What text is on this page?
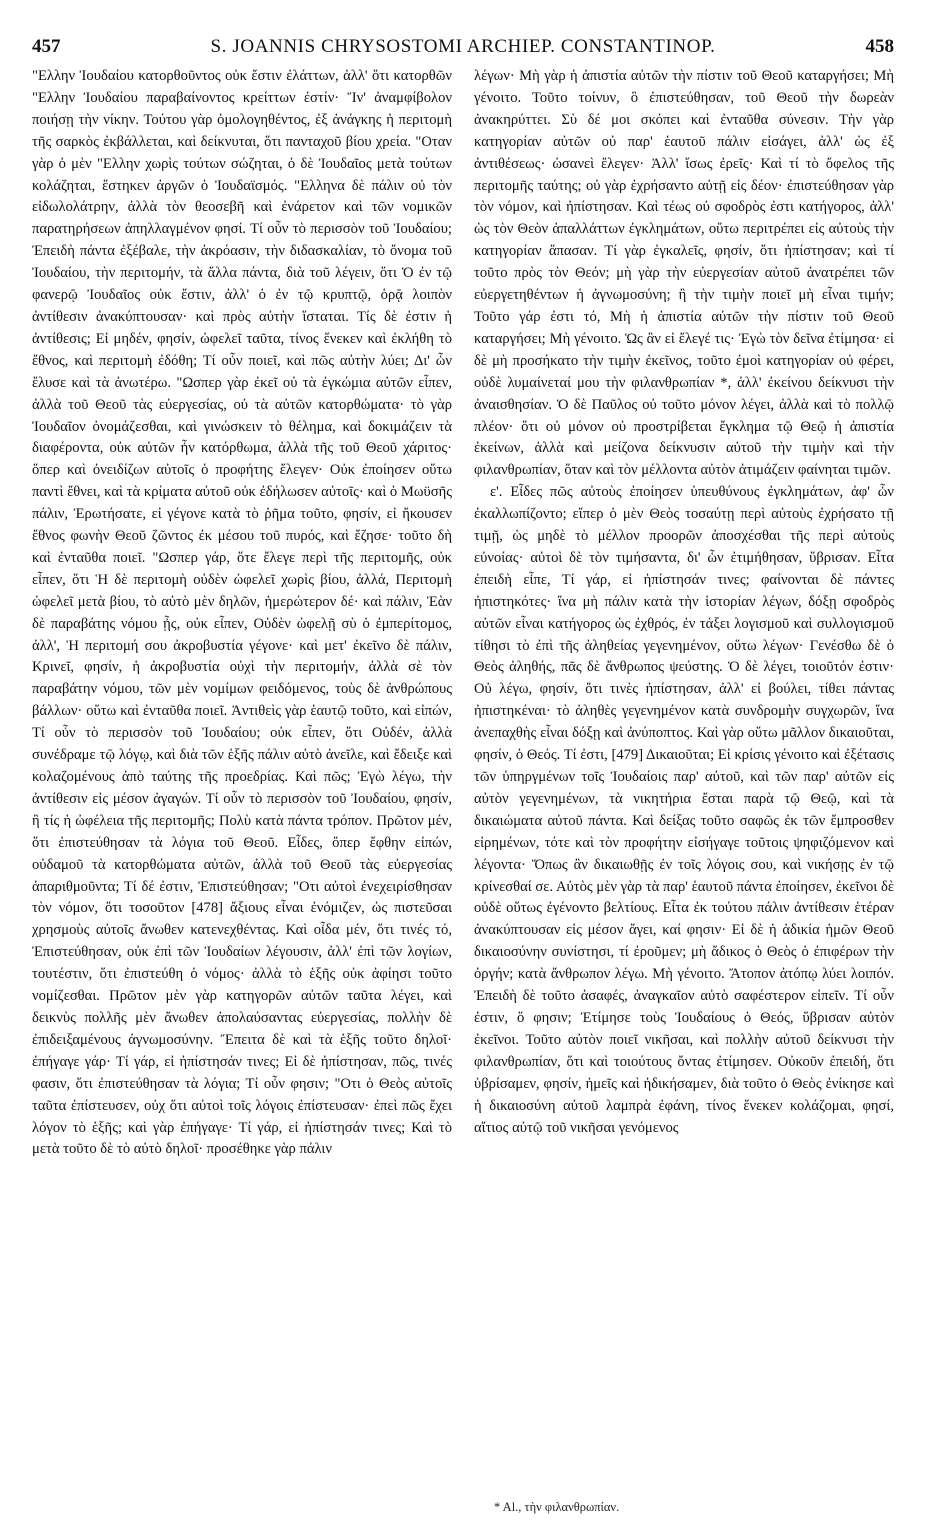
457	S. JOANNIS CHRYSOSTOMI ARCHIEP. CONSTANTINOP.	458

"Ελλην Ἰουδαίου κατορθοῦντος οὐκ ἔστιν ἐλάττων, ἀλλ' ὅτι κατορθῶν "Ελλην Ἰουδαίου παραβαίνοντος κρείττων ἐστίν· Ἵν' ἀναμφίβολον ποιήσῃ τὴν νίκην. Τούτου γὰρ ὁμολογηθέντος, ἐξ ἀνάγκης ἡ περιτομὴ τῆς σαρκὸς ἐκβάλλεται, καὶ δείκνυται, ὅτι πανταχοῦ βίου χρεία. "Οταν γὰρ ὁ μὲν "Ελλην χωρὶς τούτων σώζηται, ὁ δὲ Ἰουδαῖος μετὰ τούτων κολάζηται, ἕστηκεν ἀργῶν ὁ Ἰουδαϊσμός. "Ελληνα δὲ πάλιν οὐ τὸν εἰδωλολάτρην, ἀλλὰ τὸν θεοσεβῆ καὶ ἐνάρετον καὶ τῶν νομικῶν παρατηρήσεων ἀπηλλαγμένον φησί. Τί οὖν τὸ περισσὸν τοῦ Ἰουδαίου; Ἐπειδὴ πάντα ἐξέβαλε, τὴν ἀκρόασιν, τὴν διδασκαλίαν, τὸ ὄνομα τοῦ Ἰουδαίου, τὴν περιτομήν, τὰ ἄλλα πάντα, διὰ τοῦ λέγειν, ὅτι Ὁ ἐν τῷ φανερῷ Ἰουδαῖος οὐκ ἔστιν, ἀλλ' ὁ ἐν τῷ κρυπτῷ, ὁρᾷ λοιπὸν ἀντίθεσιν ἀνακύπτουσαν· καὶ πρὸς αὐτὴν ἵσταται. Τίς δὲ ἐστιν ἡ ἀντίθεσις; Εἰ μηδέν, φησίν, ὠφελεῖ ταῦτα, τίνος ἕνεκεν καὶ ἐκλήθη τὸ ἔθνος, καὶ περιτομὴ ἐδόθη; Τί οὖν ποιεῖ, καὶ πῶς αὐτὴν λύει; Δι' ὧν ἔλυσε καὶ τὰ ἀνωτέρω. "Ωσπερ γὰρ ἐκεῖ οὐ τὰ ἐγκώμια αὐτῶν εἶπεν, ἀλλὰ τοῦ Θεοῦ τὰς εὐεργεσίας, οὐ τὰ αὐτῶν κατορθώματα· τὸ γὰρ Ἰουδαῖον ὀνομάζεσθαι, καὶ γινώσκειν τὸ θέλημα, καὶ δοκιμάζειν τὰ διαφέροντα, οὐκ αὐτῶν ἦν κατόρθωμα, ἀλλὰ τῆς τοῦ Θεοῦ χάριτος· ὅπερ καὶ ὀνειδίζων αὐτοῖς ὁ προφήτης ἔλεγεν· Οὐκ ἐποίησεν οὕτω παντὶ ἔθνει, καὶ τὰ κρίματα αὐτοῦ οὐκ ἐδήλωσεν αὐτοῖς· καὶ ὁ Μωϋσῆς πάλιν, Ἐρωτήσατε, εἰ γέγονε κατὰ τὸ ῥῆμα τοῦτο, φησίν, εἰ ἤκουσεν ἔθνος φωνὴν Θεοῦ ζῶντος ἐκ μέσου τοῦ πυρός, καὶ ἔζησε· τοῦτο δὴ καὶ ἐνταῦθα ποιεῖ. "Ωσπερ γάρ, ὅτε ἔλεγε περὶ τῆς περιτομῆς, οὐκ εἶπεν, ὅτι Ἡ δὲ περιτομὴ οὐδὲν ὠφελεῖ χωρὶς βίου, ἀλλά, Περιτομὴ ὠφελεῖ μετὰ βίου, τὸ αὐτὸ μὲν δηλῶν, ἡμερώτερον δέ· καὶ πάλιν, Ἐὰν δὲ παραβάτης νόμου ᾖς, οὐκ εἶπεν, Οὐδὲν ὠφελῇ σὺ ὁ ἐμπερίτομος, ἀλλ', Ἡ περιτομή σου ἀκροβυστία γέγονε· καὶ μετ' ἐκεῖνο δὲ πάλιν, Κρινεῖ, φησίν, ἡ ἀκροβυστία οὐχὶ τὴν περιτομήν, ἀλλὰ σὲ τὸν παραβάτην νόμου, τῶν μὲν νομίμων φειδόμενος, τοὺς δὲ ἀνθρώπους βάλλων· οὕτω καὶ ἐνταῦθα ποιεῖ. Ἀντιθεὶς γὰρ ἑαυτῷ τοῦτο, καὶ εἰπών, Τί οὖν τὸ περισσὸν τοῦ Ἰουδαίου; οὐκ εἶπεν, ὅτι Οὐδέν, ἀλλὰ συνέδραμε τῷ λόγῳ, καὶ διὰ τῶν ἑξῆς πάλιν αὐτὸ ἀνεῖλε, καὶ ἔδειξε καὶ κολαζομένους ἀπὸ ταύτης τῆς προεδρίας. Καὶ πῶς; Ἐγὼ λέγω, τὴν ἀντίθεσιν εἰς μέσον ἀγαγών. Τί οὖν τὸ περισσὸν τοῦ Ἰουδαίου, φησίν, ἢ τίς ἡ ὠφέλεια τῆς περιτομῆς; Πολὺ κατὰ πάντα τρόπον. Πρῶτον μέν, ὅτι ἐπιστεύθησαν τὰ λόγια τοῦ Θεοῦ. Εἶδες, ὅπερ ἔφθην εἰπών, οὐδαμοῦ τὰ κατορθώματα αὐτῶν, ἀλλὰ τοῦ Θεοῦ τὰς εὐεργεσίας ἀπαριθμοῦντα; Τί δέ ἐστιν, Ἐπιστεύθησαν; "Οτι αὐτοὶ ἐνεχειρίσθησαν τὸν νόμον, ὅτι τοσοῦτον [478] ἄξιους εἶναι ἐνόμιζεν, ὡς πιστεῦσαι χρησμοὺς αὐτοῖς ἄνωθεν κατενεχθέντας. Καὶ οἶδα μέν, ὅτι τινές τό, Ἐπιστεύθησαν, οὐκ ἐπὶ τῶν Ἰουδαίων λέγουσιν, ἀλλ' ἐπὶ τῶν λογίων, τουτέστιν, ὅτι ἐπιστεύθη ὁ νόμος· ἀλλὰ τὸ ἑξῆς οὐκ ἀφίησι τοῦτο νομίζεσθαι. Πρῶτον μὲν γὰρ κατηγορῶν αὐτῶν ταῦτα λέγει, καὶ δεικνὺς πολλῆς μὲν ἄνωθεν ἀπολαύσαντας εὐεργεσίας, πολλὴν δὲ ἐπιδειξαμένους ἀγνωμοσύνην. Ἔπειτα δὲ καὶ τὰ ἑξῆς τοῦτο δηλοῖ· ἐπήγαγε γάρ· Τί γάρ, εἰ ἠπίστησάν τινες; Εἰ δὲ ἠπίστησαν, πῶς, τινές φασιν, ὅτι ἐπιστεύθησαν τὰ λόγια; Τί οὖν φησιν; "Οτι ὁ Θεὸς αὐτοῖς ταῦτα ἐπίστευσεν, οὐχ ὅτι αὐτοὶ τοῖς λόγοις ἐπίστευσαν· ἐπεὶ πῶς ἔχει λόγον τὸ ἑξῆς; καὶ γὰρ ἐπήγαγε· Τί γάρ, εἰ ἠπίστησάν τινες; Καὶ τὸ μετὰ τοῦτο δὲ τὸ αὐτὸ δηλοῖ· προσέθηκε γὰρ πάλιν

λέγων· Μὴ γὰρ ἡ ἀπιστία αὐτῶν τὴν πίστιν τοῦ Θεοῦ καταργήσει; Μὴ γένοιτο. Τοῦτο τοίνυν, ὃ ἐπιστεύθησαν, τοῦ Θεοῦ τὴν δωρεὰν ἀνακηρύττει. Σὺ δέ μοι σκόπει καὶ ἐνταῦθα σύνεσιν. Τὴν γὰρ κατηγορίαν αὐτῶν οὐ παρ' ἑαυτοῦ πάλιν εἰσάγει, ἀλλ' ὡς ἐξ ἀντιθέσεως· ὡσανεὶ ἔλεγεν· Ἀλλ' ἴσως ἐρεῖς· Καὶ τί τὸ ὄφελος τῆς περιτομῆς ταύτης; οὐ γὰρ ἐχρήσαντο αὐτῇ εἰς δέον· ἐπιστεύθησαν γὰρ τὸν νόμον, καὶ ἠπίστησαν. Καὶ τέως οὐ σφοδρὸς ἐστι κατήγορος, ἀλλ' ὡς τὸν Θεὸν ἀπαλλάττων ἐγκλημάτων, οὕτω περιτρέπει εἰς αὐτοὺς τὴν κατηγορίαν ἅπασαν. Τί γὰρ ἐγκαλεῖς, φησίν, ὅτι ἠπίστησαν; καὶ τί τοῦτο πρὸς τὸν Θεόν; μὴ γὰρ τὴν εὐεργεσίαν αὐτοῦ ἀνατρέπει τῶν εὐεργετηθέντων ἡ ἀγνωμοσύνη; ἢ τὴν τιμὴν ποιεῖ μὴ εἶναι τιμήν; Τοῦτο γάρ ἐστι τό, Μὴ ἡ ἀπιστία αὐτῶν τὴν πίστιν τοῦ Θεοῦ καταργήσει; Μὴ γένοιτο. Ὡς ἂν εἰ ἔλεγέ τις· Ἐγὼ τὸν δεῖνα ἐτίμησα· εἰ δὲ μὴ προσήκατο τὴν τιμὴν ἐκεῖνος, τοῦτο ἐμοὶ κατηγορίαν οὐ φέρει, οὐδὲ λυμαίνεταί μου τὴν φιλανθρωπίαν *, ἀλλ' ἐκείνου δείκνυσι τὴν ἀναισθησίαν. Ὁ δὲ Παῦλος οὐ τοῦτο μόνον λέγει, ἀλλὰ καὶ τὸ πολλῷ πλέον· ὅτι οὐ μόνον οὐ προστρίβεται ἔγκλημα τῷ Θεῷ ἡ ἀπιστία ἐκείνων, ἀλλὰ καὶ μείζονα δείκνυσιν αὐτοῦ τὴν τιμὴν καὶ τὴν φιλανθρωπίαν, ὅταν καὶ τὸν μέλλοντα αὐτὸν ἀτιμάζειν φαίνηται τιμῶν.

ε'. Εἶδες πῶς αὐτοὺς ἐποίησεν ὑπευθύνους ἐγκλημάτων, ἀφ' ὧν ἐκαλλωπίζοντο; εἴπερ ὁ μὲν Θεὸς τοσαύτῃ περὶ αὐτοὺς ἐχρήσατο τῇ τιμῇ, ὡς μηδὲ τὸ μέλλον προορῶν ἀποσχέσθαι τῆς περὶ αὐτοὺς εὐνοίας· αὐτοὶ δὲ τὸν τιμήσαντα, δι' ὧν ἐτιμήθησαν, ὕβρισαν. Εἶτα ἐπειδὴ εἶπε, Τί γάρ, εἰ ἠπίστησάν τινες; φαίνονται δὲ πάντες ἠπιστηκότες· ἵνα μὴ πάλιν κατὰ τὴν ἱστορίαν λέγων, δόξῃ σφοδρὸς αὐτῶν εἶναι κατήγορος ὡς ἐχθρός, ἐν τάξει λογισμοῦ καὶ συλλογισμοῦ τίθησι τὸ ἐπὶ τῆς ἀληθείας γεγενημένον, οὕτω λέγων· Γενέσθω δὲ ὁ Θεὸς ἀληθής, πᾶς δὲ ἄνθρωπος ψεύστης. Ὁ δὲ λέγει, τοιοῦτόν ἐστιν· Οὐ λέγω, φησίν, ὅτι τινὲς ἠπίστησαν, ἀλλ' εἰ βούλει, τίθει πάντας ἠπιστηκέναι· τὸ ἀληθὲς γεγενημένον κατὰ συνδρομὴν συγχωρῶν, ἵνα ἀνεπαχθὴς εἶναι δόξῃ καὶ ἀνύποπτος. Καὶ γὰρ οὕτω μᾶλλον δικαιοῦται, φησίν, ὁ Θεός. Τί ἐστι, [479] Δικαιοῦται; Εἰ κρίσις γένοιτο καὶ ἐξέτασις τῶν ὑπηργμένων τοῖς Ἰουδαίοις παρ' αὐτοῦ, καὶ τῶν παρ' αὐτῶν εἰς αὐτὸν γεγενημένων, τὰ νικητήρια ἔσται παρὰ τῷ Θεῷ, καὶ τὰ δικαιώματα αὐτοῦ πάντα. Καὶ δείξας τοῦτο σαφῶς ἐκ τῶν ἔμπροσθεν εἰρημένων, τότε καὶ τὸν προφήτην εἰσήγαγε τοῦτοις ψηφιζόμενον καὶ λέγοντα· Ὅπως ἂν δικαιωθῇς ἐν τοῖς λόγοις σου, καὶ νικήσῃς ἐν τῷ κρίνεσθαί σε. Αὐτὸς μὲν γὰρ τὰ παρ' ἑαυτοῦ πάντα ἐποίησεν, ἐκεῖνοι δὲ οὐδὲ οὕτως ἐγένοντο βελτίους. Εἶτα ἐκ τούτου πάλιν ἀντίθεσιν ἑτέραν ἀνακύπτουσαν εἰς μέσον ἄγει, καί φησιν· Εἰ δὲ ἡ ἀδικία ἡμῶν Θεοῦ δικαιοσύνην συνίστησι, τί ἐροῦμεν; μὴ ἄδικος ὁ Θεὸς ὁ ἐπιφέρων τὴν ὀργήν; κατὰ ἄνθρωπον λέγω. Μὴ γένοιτο. Ἄτοπον ἀτόπῳ λύει λοιπόν. Ἐπειδὴ δὲ τοῦτο ἀσαφές, ἀναγκαῖον αὐτὸ σαφέστερον εἰπεῖν. Τί οὖν ἐστιν, ὅ φησιν; Ἐτίμησε τοὺς Ἰουδαίους ὁ Θεός, ὕβρισαν αὐτὸν ἐκεῖνοι. Τοῦτο αὐτὸν ποιεῖ νικῆσαι, καὶ πολλὴν αὐτοῦ δείκνυσι τὴν φιλανθρωπίαν, ὅτι καὶ τοιούτους ὄντας ἐτίμησεν. Οὐκοῦν ἐπειδή, ὅτι ὑβρίσαμεν, φησίν, ἡμεῖς καὶ ἠδικήσαμεν, διὰ τοῦτο ὁ Θεὸς ἐνίκησε καὶ ἡ δικαιοσύνη αὐτοῦ λαμπρὰ ἐφάνη, τίνος ἕνεκεν κολάζομαι, φησί, αἴτιος αὐτῷ τοῦ νικῆσαι γενόμενος

* Al., τὴν φιλανθρωπίαν.
